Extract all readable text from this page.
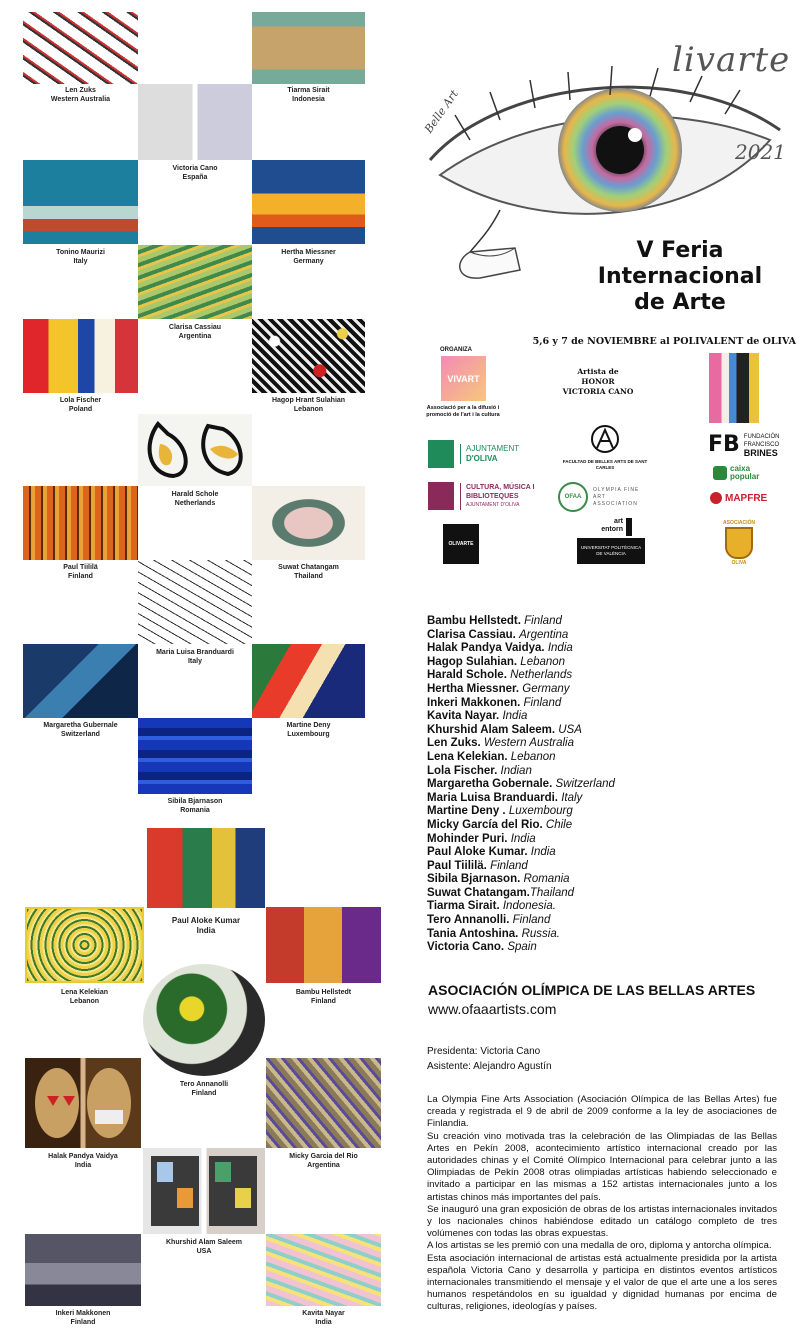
Len Zuks
Western Australia
Tiarma Sirait
Indonesia
Victoria Cano
España
Tonino Maurizi
Italy
Hertha Miessner
Germany
Clarisa Cassiau
Argentina
Lola Fischer
Poland
Hagop Hrant Sulahian
Lebanon
Harald Schole
Netherlands
Paul Tiililä
Finland
Suwat Chatangam
Thailand
Maria Luisa Branduardi
Italy
Margaretha Gubernale
Switzerland
Martine Deny
Luxembourg
Sibila Bjarnason
Romania
Paul Aloke Kumar
India
Lena Kelekian
Lebanon
Bambu Hellstedt
Finland
Tero Annanolli
Finland
Halak Pandya Vaidya
India
Micky Garcia del Rio
Argentina
Khurshid Alam Saleem
USA
Inkeri Makkonen
Finland
Kavita Nayar
India
Belle Art
livarte
2021
V Feria
Internacional
de Arte
5,6 y 7 de NOVIEMBRE al POLIVALENT de OLIVA
ORGANIZA
VIVART
Associació per a la difusió i promoció de l'art i la cultura
Artista de HONOR
VICTORIA CANO
AJUNTAMENT
D'OLIVA	FACULTAD DE BELLES ARTS DE SANT CARLES
FB FUNDACIÓN
FRANCISCO
BRINES
caixa
popular
CULTURA, MÚSICA I
BIBLIOTEQUES
AJUNTAMENT D'OLIVA
OFAA
OLYMPIA FINE ART ASSOCIATION	MAPFRE
OLIVARTE
art
entorn
UNIVERSITAT POLITÈCNICA DE VALÈNCIA
ASOCIACIÓN
OLIVA
Bambu Hellstedt. Finland
Clarisa Cassiau. Argentina
Halak Pandya Vaidya. India
Hagop Sulahian. Lebanon
Harald Schole. Netherlands
Hertha Miessner. Germany
Inkeri Makkonen. Finland
Kavita Nayar. India
Khurshid Alam Saleem. USA
Len Zuks. Western Australia
Lena Kelekian. Lebanon
Lola Fischer. Indian
Margaretha Gobernale. Switzerland
Maria Luisa Branduardi. Italy
Martine Deny . Luxembourg
Micky García del Rio. Chile
Mohinder Puri. India
Paul Aloke Kumar. India
Paul Tiililä. Finland
Sibila Bjarnason. Romania
Suwat Chatangam.Thailand
Tiarma Sirait. Indonesia.
Tero Annanolli. Finland
Tania Antoshina. Russia.
Victoria Cano. Spain
ASOCIACIÓN OLÍMPICA DE LAS BELLAS ARTES
www.ofaaartists.com
Presidenta: Victoria Cano
Asistente: Alejandro Agustín
La Olympia Fine Arts Association (Asociación Olímpica de las Bellas Artes) fue creada y registrada el 9 de abril de 2009 conforme a la ley de asociaciones de Finlandia.
Su creación vino motivada tras la celebración de las Olimpiadas de las Bellas Artes en Pekín 2008, acontecimiento artístico internacional creado por las autoridades chinas y el Comité Olímpico Internacional para celebrar junto a las Olimpiadas de Pekín 2008 otras olimpiadas artísticas habiendo seleccionado e invitado a participar en las mismas a 152 artistas internacionales junto a los artistas chinos más importantes del país.
Se inauguró una gran exposición de obras de los artistas internacionales invitados y los nacionales chinos habiéndose editado un catálogo completo de tres volúmenes con todas las obras expuestas.
A los artistas se les premió con una medalla de oro, diploma y antorcha olímpica.
Esta asociación internacional de artistas está actualmente presidida por la artista española Victoria Cano y desarrolla y participa en distintos eventos artísticos internacionales transmitiendo el mensaje y el valor de que el arte une a los seres humanos respetándolos en su igualdad y dignidad humanas por encima de culturas, religiones, ideologías y países.
